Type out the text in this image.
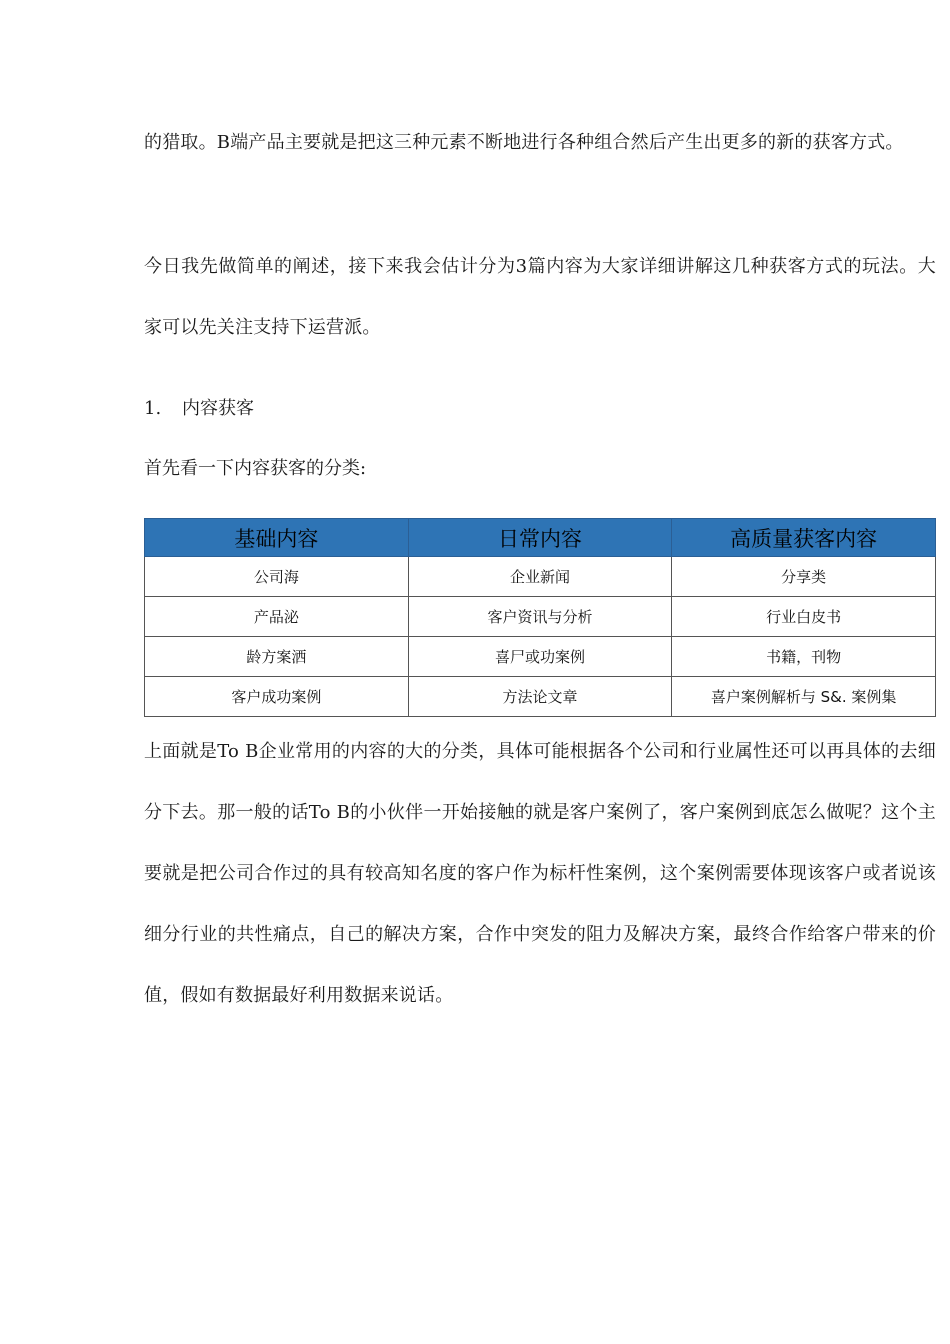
的猎取。B端产品主要就是把这三种元素不断地进行各种组合然后产生出更多的新的获客方式。

今日我先做简单的阐述，接下来我会估计分为3篇内容为大家详细讲解这几种获客方式的玩法。大家可以先关注支持下运营派。

1. 内容获客

首先看一下内容获客的分类:

基础内容	日常内容	高质量获客内容
公司海	企业新闻	分享类
产品泌	客户资讯与分析	行业白皮书
龄方案洒	喜尸或功案例	书籍，刊物
客户成功案例	方法论文章	喜户案例解析与 S&. 案例集

上面就是To B企业常用的内容的大的分类，具体可能根据各个公司和行业属性还可以再具体的去细分下去。那一般的话To B的小伙伴一开始接触的就是客户案例了，客户案例到底怎么做呢？这个主要就是把公司合作过的具有较高知名度的客户作为标杆性案例，这个案例需要体现该客户或者说该细分行业的共性痛点，自己的解决方案，合作中突发的阻力及解决方案，最终合作给客户带来的价值，假如有数据最好利用数据来说话。
